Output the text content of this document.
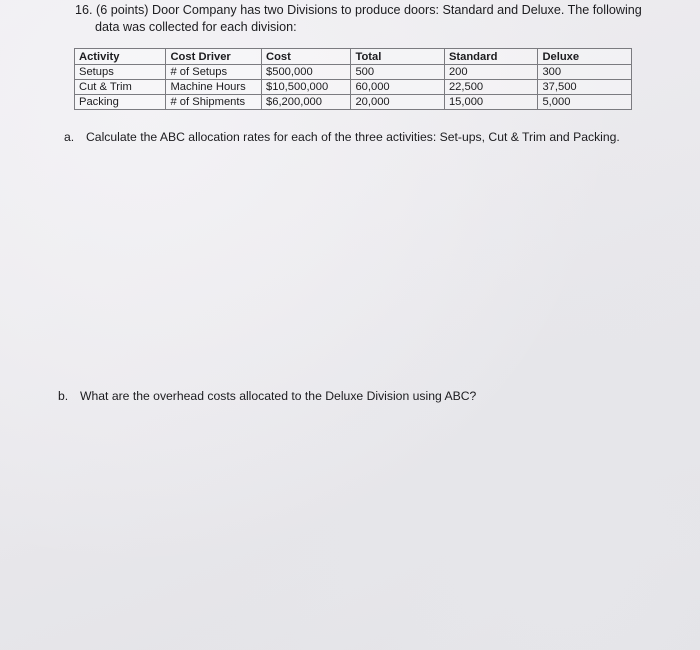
16. (6 points) Door Company has two Divisions to produce doors: Standard and Deluxe. The following
data was collected for each division:
Activity	Cost Driver	Cost	Total	Standard	Deluxe
Setups	# of Setups	$500,000	500	200	300
Cut & Trim	Machine Hours	$10,500,000	60,000	22,500	37,500
Packing	# of Shipments	$6,200,000	20,000	15,000	5,000
a. Calculate the ABC allocation rates for each of the three activities: Set-ups, Cut & Trim and Packing.
b. What are the overhead costs allocated to the Deluxe Division using ABC?
